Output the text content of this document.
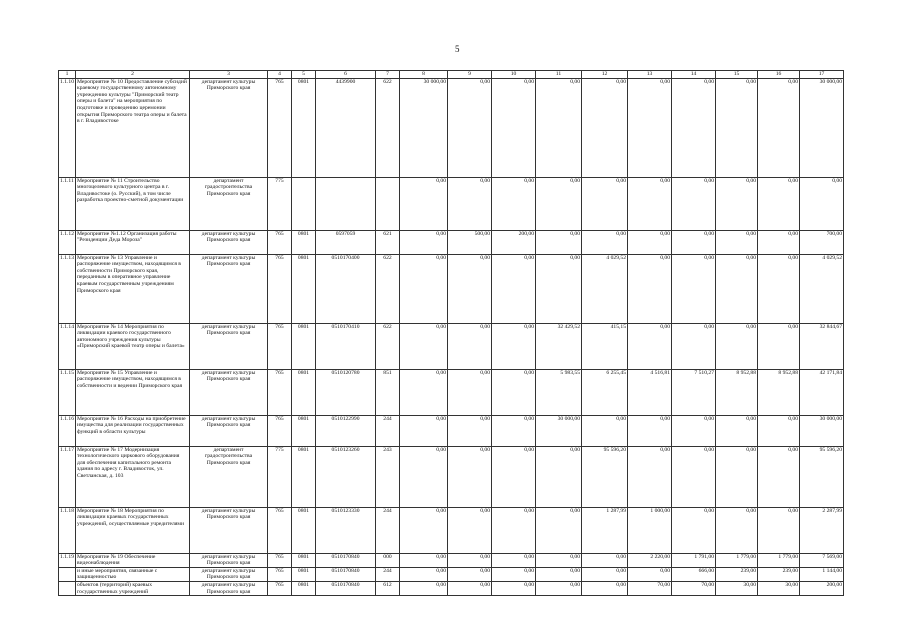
5
1	2	3	4	5	6	7	8	9	10	11	12	13	14	15	16	17
1.1.10	Мероприятие № 10 Предоставление субсидий краевому государственному автономному учреждению культуры "Приморский театр оперы и балета" на мероприятия по подготовке и проведению церемонии открытия Приморского театра оперы и балета в г. Владивостоке	департамент культуры Приморского края	765	0801	4439900	622	30 000,00	0,00	0,00	0,00	0,00	0,00	0,00	0,00	0,00	30 000,00
1.1.11	Мероприятие № 11 Строительство многоцелевого культурного центра в г. Владивостоке (о. Русский), в том числе разработка проектно-сметной документации	департамент градостроительства Приморского края	775				0,00	0,00	0,00	0,00	0,00	0,00	0,00	0,00	0,00	0,00
1.1.12	Мероприятие №1.12 Организация работы "Резиденции Деда Мороза"	департамент культуры Приморского края	765	0801	0597059	621	0,00	500,00	200,00	0,00	0,00	0,00	0,00	0,00	0,00	700,00
1.1.13	Мероприятие № 13 Управление и распоряжение имуществом, находящимся в собственности Приморского края, переданным в оперативное управление краевым государственным учреждениям Приморского края	департамент культуры Приморского края	765	0801	0510170400	622	0,00	0,00	0,00	0,00	4 029,52	0,00	0,00	0,00	0,00	4 029,52
1.1.14	Мероприятие № 14 Мероприятия по ликвидации краевого государственного автономного учреждения культуры «Приморский краевой театр оперы и балета»	департамент культуры Приморского края	765	0801	0510170410	622	0,00	0,00	0,00	32 429,52	415,15	0,00	0,00	0,00	0,00	32 844,67
1.1.15	Мероприятие № 15 Управление и распоряжение имуществом, находящимся в собственности и ведении Приморского края	департамент культуры Приморского края	765	0801	0510120780	851	0,00	0,00	0,00	5 983,55	6 255,45	4 516,81	7 510,27	8 952,88	8 952,88	42 171,84
1.1.16	Мероприятие № 16 Расходы на приобретение имущества для реализации государственных функций в области культуры	департамент культуры Приморского края	765	0801	0510122990	244	0,00	0,00	0,00	30 000,00	0,00	0,00	0,00	0,00	0,00	30 000,00
1.1.17	Мероприятие № 17 Модернизация технологического циркового оборудования для обеспечения капитального ремонта здания по адресу г. Владивосток, ул. Светланская, д. 103	департамент градостроительства Приморского края	775	0801	0510123260	243	0,00	0,00	0,00	0,00	95 596,20	0,00	0,00	0,00	0,00	95 596,20
1.1.18	Мероприятие № 18 Мероприятия по ликвидации краевых государственных учреждений, осуществляемые учредителями	департамент культуры Приморского края	765	0801	0510123330	244	0,00	0,00	0,00	0,00	1 287,99	1 000,00	0,00	0,00	0,00	2 287,99
1.1.19	Мероприятие № 19 Обеспечение видеонаблюдения	департамент культуры Приморского края	765	0801	0510170840	000	0,00	0,00	0,00	0,00	0,00	2 220,00	1 791,00	1 779,00	1 779,00	7 569,00
	и иные мероприятия, связанные с защищенностью	департамент культуры Приморского края	765	0801	0510170840	244	0,00	0,00	0,00	0,00	0,00	0,00	666,00	239,00	239,00	1 144,00
	объектов (территорий) краевых государственных учреждений	департамент культуры Приморского края	765	0801	0510170840	612	0,00	0,00	0,00	0,00	0,00	70,00	70,00	30,00	30,00	200,00
